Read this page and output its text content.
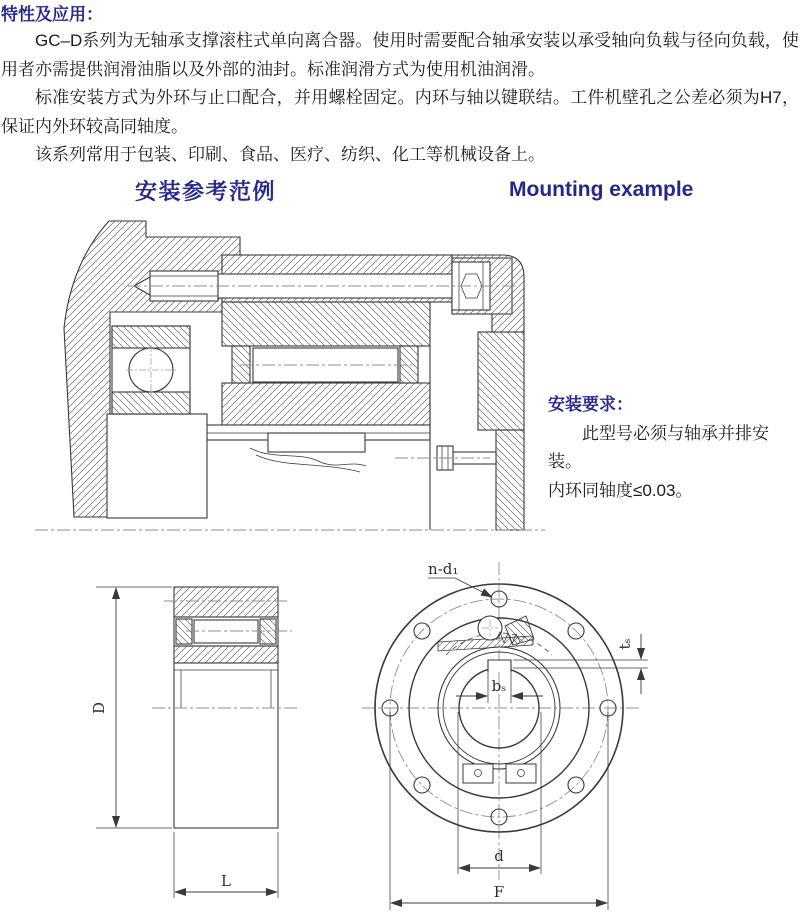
特性及应用：

GC–D系列为无轴承支撑滚柱式单向离合器。使用时需要配合轴承安装以承受轴向负载与径向负载，使用者亦需提供润滑油脂以及外部的油封。标准润滑方式为使用机油润滑。

标准安装方式为外环与止口配合，并用螺栓固定。内环与轴以键联结。工件机壁孔之公差必须为H7，保证内外环较高同轴度。

该系列常用于包装、印刷、食品、医疗、纺织、化工等机械设备上。

安装参考范例	Mounting example

安装要求：

此型号必须与轴承并排安装。

内环同轴度≤0.03。

D
L
n-d₁
tₛ
bₛ
d
F
